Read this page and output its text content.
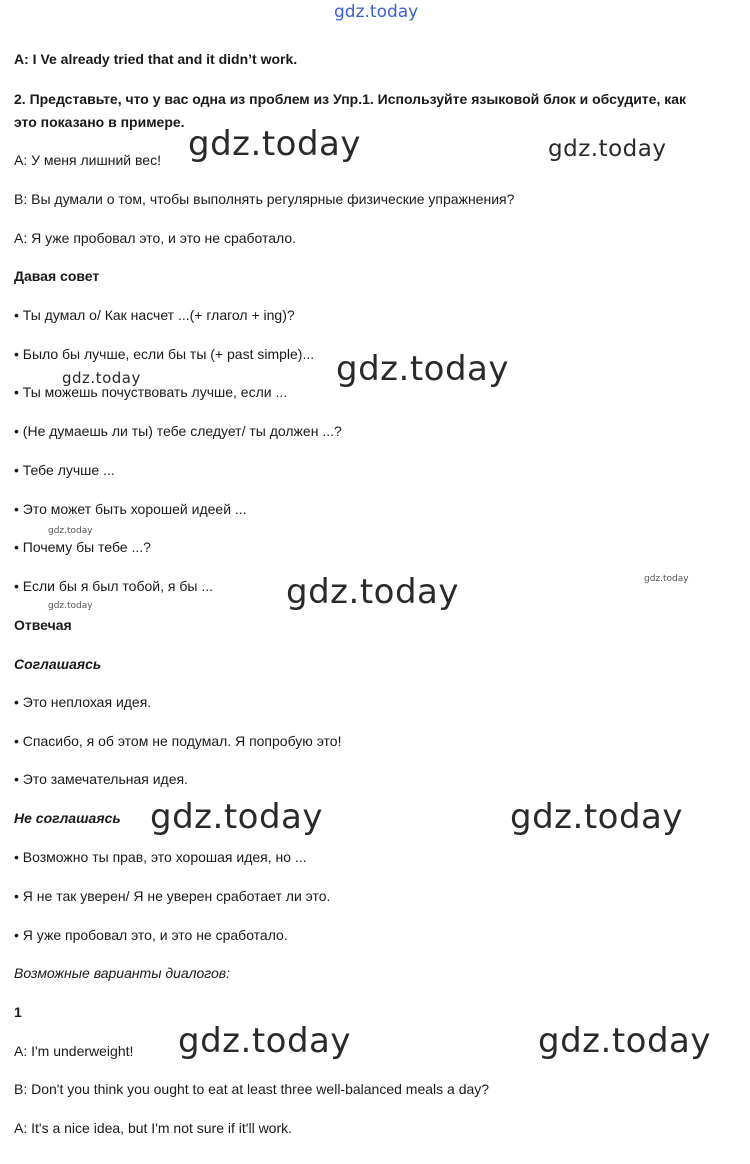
gdz.today
A: I Ve already tried that and it didn’t work.
2. Представьте, что у вас одна из проблем из Упр.1. Используйте языковой блок и обсудите, как
это показано в примере.
A: У меня лишний вес!
B: Вы думали о том, чтобы выполнять регулярные физические упражнения?
A: Я уже пробовал это, и это не сработало.
Давая совет
• Ты думал о/ Как насчет ...(+ глагол + ing)?
• Было бы лучше, если бы ты (+ past simple)...
• Ты можешь почуствовать лучше, если ...
• (Не думаешь ли ты) тебе следует/ ты должен ...?
• Тебе лучше ...
• Это может быть хорошей идеей ...
• Почему бы тебе ...?
• Если бы я был тобой, я бы ...
Отвечая
Соглашаясь
• Это неплохая идея.
• Спасибо, я об этом не подумал. Я попробую это!
• Это замечательная идея.
Не соглашаясь
• Возможно ты прав, это хорошая идея, но ...
• Я не так уверен/ Я не уверен сработает ли это.
• Я уже пробовал это, и это не сработало.
Возможные варианты диалогов:
1
A: I'm underweight!
B: Don't you think you ought to eat at least three well-balanced meals a day?
A: It's a nice idea, but I'm not sure if it'll work.
gdz.today	gdz.today
gdz.today
gdz.today
gdz.today
gdz.today	gdz.today
gdz.today
gdz.today	gdz.today
gdz.today	gdz.today
